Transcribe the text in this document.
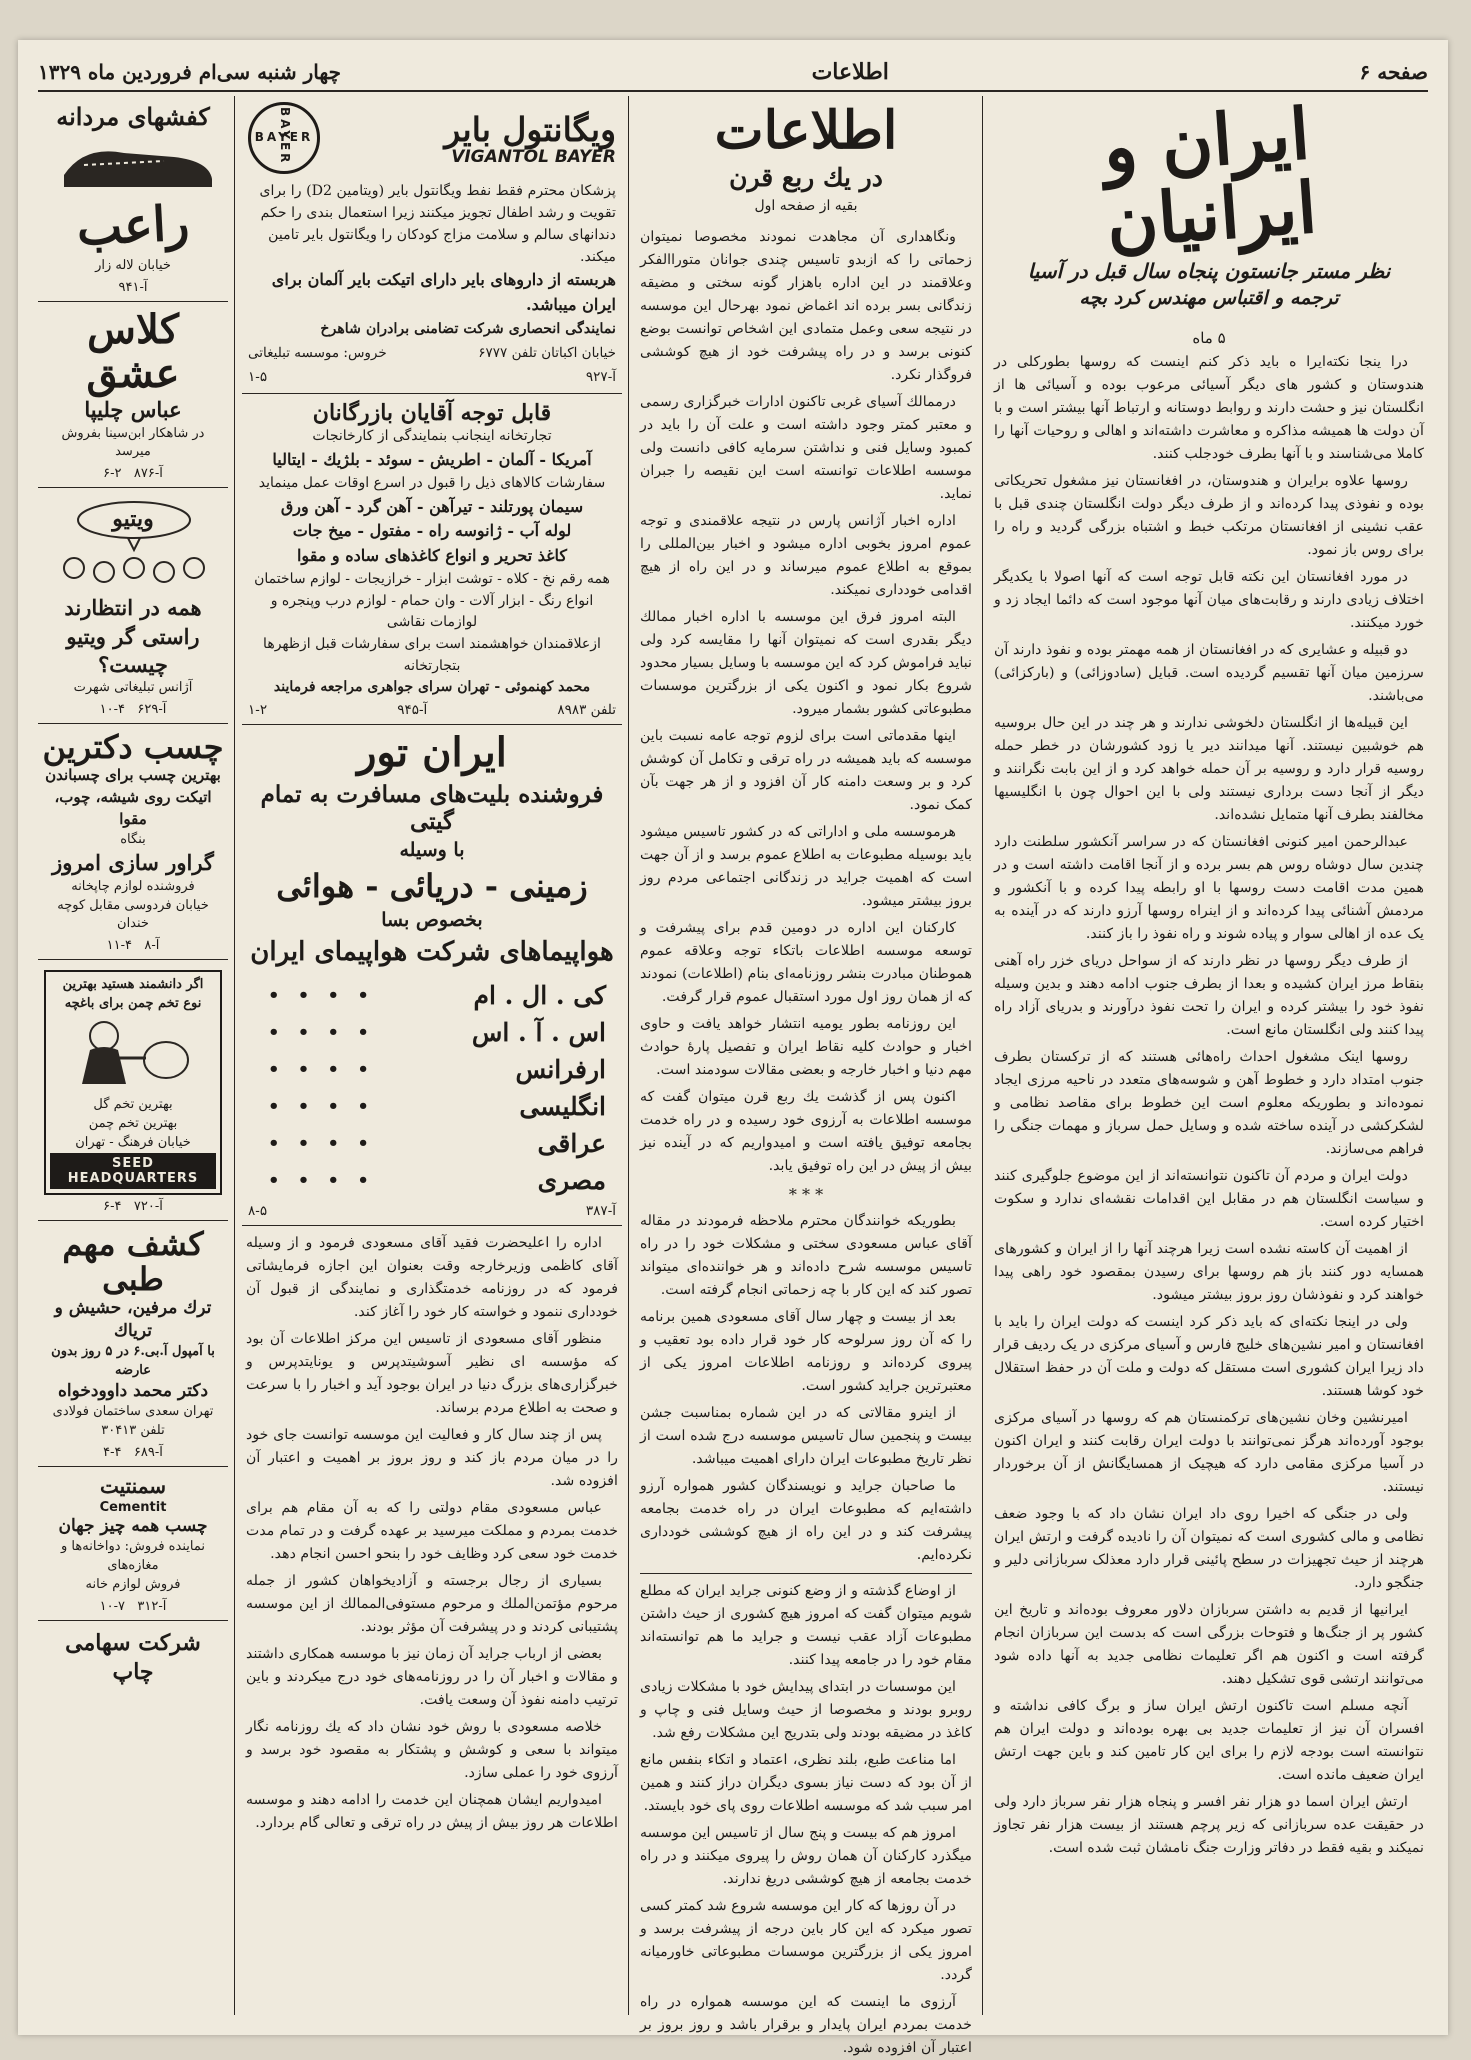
صفحه ۶
اطلاعات
چهار شنبه سی‌ام فروردین ماه ۱۳۲۹
ایران و ایرانیان
نظر مستر جانستون پنجاه سال قبل در آسیا
ترجمه و اقتباس مهندس کرد بچه
۵ ماه

درا ینجا نکته‌ایرا ه باید ذکر کنم اینست که روسها بطورکلی در هندوستان و کشور های دیگر آسیائی مرعوب بوده و آسیائی ها از انگلستان نیز و حشت دارند و روابط دوستانه و ارتباط آنها بیشتر است و با آن دولت ها همیشه مذاکره و معاشرت داشته‌اند و اهالی و روحیات آنها را کاملا می‌شناسند و با آنها بطرف خودجلب کنند.

روسها علاوه برایران و هندوستان، در افغانستان نیز مشغول تحریکاتی بوده و نفوذی پیدا کرده‌اند و از طرف دیگر دولت انگلستان چندی قبل با عقب نشینی از افغانستان مرتکب خبط و اشتباه بزرگی گردید و راه را برای روس باز نمود.

در مورد افغانستان این نکته قابل توجه است که آنها اصولا با یکدیگر اختلاف زیادی دارند و رقابت‌های میان آنها موجود است که دائما ایجاد زد و خورد میکنند.

دو قبیله و عشایری که در افغانستان از همه مهمتر بوده و نفوذ دارند آن سرزمین میان آنها تقسیم گردیده است. قبایل (سادوزائی) و (بارکزائی) می‌باشند.

این قبیله‌ها از انگلستان دلخوشی ندارند و هر چند در این حال بروسیه هم خوشبین نیستند. آنها میدانند دیر یا زود کشورشان در خطر حمله روسیه قرار دارد و روسیه بر آن حمله خواهد کرد و از این بابت نگرانند و دیگر از آنجا دست برداری نیستند ولی با این احوال چون با انگلیسیها مخالفند بطرف آنها متمایل نشده‌اند.

عبدالرحمن امیر کنونی افغانستان که در سراسر آنکشور سلطنت دارد چندین سال دوشاه روس هم بسر برده و از آنجا اقامت داشته است و در همین مدت اقامت دست روسها با او رابطه پیدا کرده و با آنکشور و مردمش آشنائی پیدا کرده‌اند و از اینراه روسها آرزو دارند که در آینده به یک عده از اهالی سوار و پیاده شوند و راه نفوذ را باز کنند.

از طرف دیگر روسها در نظر دارند که از سواحل دریای خزر راه آهنی بنقاط مرز ایران کشیده و بعدا از بطرف جنوب ادامه دهند و بدین وسیله نفوذ خود را بیشتر کرده و ایران را تحت نفوذ درآورند و بدریای آزاد راه پیدا کنند ولی انگلستان مانع است.

روسها اینک مشغول احداث راه‌هائی هستند که از ترکستان بطرف جنوب امتداد دارد و خطوط آهن و شوسه‌های متعدد در ناحیه مرزی ایجاد نموده‌اند و بطوریکه معلوم است این خطوط برای مقاصد نظامی و لشکرکشی در آینده ساخته شده و وسایل حمل سرباز و مهمات جنگی را فراهم می‌سازند.

دولت ایران و مردم آن تاکنون نتوانسته‌اند از این موضوع جلوگیری کنند و سیاست انگلستان هم در مقابل این اقدامات نقشه‌ای ندارد و سکوت اختیار کرده است.

از اهمیت آن کاسته نشده است زیرا هرچند آنها را از ایران و کشورهای همسایه دور کنند باز هم روسها برای رسیدن بمقصود خود راهی پیدا خواهند کرد و نفوذشان روز بروز بیشتر میشود.

ولی در اینجا نکته‌ای که باید ذکر کرد اینست که دولت ایران را باید با افغانستان و امیر نشین‌های خلیج فارس و آسیای مرکزی در یک ردیف قرار داد زیرا ایران کشوری است مستقل که دولت و ملت آن در حفظ استقلال خود کوشا هستند.

امیرنشین وخان نشین‌های ترکمنستان هم که روسها در آسیای مرکزی بوجود آورده‌اند هرگز نمی‌توانند با دولت ایران رقابت کنند و ایران اکنون در آسیا مرکزی مقامی دارد که هیچیک از همسایگانش از آن برخوردار نیستند.

ولی در جنگی که اخیرا روی داد ایران نشان داد که با وجود ضعف نظامی و مالی کشوری است که نمیتوان آن را نادیده گرفت و ارتش ایران هرچند از حیث تجهیزات در سطح پائینی قرار دارد معذلک سربازانی دلیر و جنگجو دارد.

ایرانیها از قدیم به داشتن سربازان دلاور معروف بوده‌اند و تاریخ این کشور پر از جنگ‌ها و فتوحات بزرگی است که بدست این سربازان انجام گرفته است و اکنون هم اگر تعلیمات نظامی جدید به آنها داده شود می‌توانند ارتشی قوی تشکیل دهند.

آنچه مسلم است تاکنون ارتش ایران ساز و برگ کافی نداشته و افسران آن نیز از تعلیمات جدید بی بهره بوده‌اند و دولت ایران هم نتوانسته است بودجه لازم را برای این کار تامین کند و باین جهت ارتش ایران ضعیف مانده است.

ارتش ایران اسما دو هزار نفر افسر و پنجاه هزار نفر سرباز دارد ولی در حقیقت عده سربازانی که زیر پرچم هستند از بیست هزار نفر تجاوز نمیکند و بقیه فقط در دفاتر وزارت جنگ نامشان ثبت شده است.

اطلاعات
در یك ربع قرن
بقیه از صفحه اول

ونگاهداری آن مجاهدت نمودند مخصوصا نمیتوان زحماتی را که ازبدو تاسیس چندی جوانان متوراالفکر وعلاقمند در این اداره باهزار گونه سختی و مضیقه زندگانی بسر برده اند اغماض نمود بهرحال این موسسه در نتیجه سعی وعمل متمادی این اشخاص توانست بوضع کنونی برسد و در راه پیشرفت خود از هیچ کوششی فروگذار نکرد.

درممالك آسیای غربی تاکنون ادارات خبرگزاری رسمی و معتبر کمتر وجود داشته است و علت آن را باید در کمبود وسایل فنی و نداشتن سرمایه کافی دانست ولی موسسه اطلاعات توانسته است این نقیصه را جبران نماید.

اداره اخبار آژانس پارس در نتیجه علاقمندی و توجه عموم امروز بخوبی اداره میشود و اخبار بین‌المللی را بموقع به اطلاع عموم میرساند و در این راه از هیچ اقدامی خودداری نمیکند.

البته امروز فرق این موسسه با اداره اخبار ممالك دیگر بقدری است که نمیتوان آنها را مقایسه کرد ولی نباید فراموش کرد که این موسسه با وسایل بسیار محدود شروع بکار نمود و اکنون یکی از بزرگترین موسسات مطبوعاتی کشور بشمار میرود.

اینها مقدماتی است برای لزوم توجه عامه نسبت باین موسسه که باید همیشه در راه ترقی و تکامل آن کوشش کرد و بر وسعت دامنه کار آن افزود و از هر جهت بآن کمک نمود.

هرموسسه ملی و اداراتی که در کشور تاسیس میشود باید بوسیله مطبوعات به اطلاع عموم برسد و از آن جهت است که اهمیت جراید در زندگانی اجتماعی مردم روز بروز بیشتر میشود.

کارکنان این اداره در دومین قدم برای پیشرفت و توسعه موسسه اطلاعات باتکاء توجه وعلاقه عموم هموطنان مبادرت بنشر روزنامه‌ای بنام (اطلاعات) نمودند که از همان روز اول مورد استقبال عموم قرار گرفت.

این روزنامه بطور یومیه انتشار خواهد یافت و حاوی اخبار و حوادث کلیه نقاط ایران و تفصیل پارهٔ حوادث مهم دنیا و اخبار خارجه و بعضی مقالات سودمند است.

اکنون پس از گذشت یك ربع قرن میتوان گفت که موسسه اطلاعات به آرزوی خود رسیده و در راه خدمت بجامعه توفیق یافته است و امیدواریم که در آینده نیز بیش از پیش در این راه توفیق یابد.

* * *

بطوریکه خوانندگان محترم ملاحظه فرمودند در مقاله آقای عباس مسعودی سختی و مشکلات خود را در راه تاسیس موسسه شرح داده‌اند و هر خواننده‌ای میتواند تصور کند که این کار با چه زحماتی انجام گرفته است.

بعد از بیست و چهار سال آقای مسعودی همین برنامه را که آن روز سرلوحه کار خود قرار داده بود تعقیب و پیروی کرده‌اند و روزنامه اطلاعات امروز یکی از معتبرترین جراید کشور است.

از اینرو مقالاتی که در این شماره بمناسبت جشن بیست و پنجمین سال تاسیس موسسه درج شده است از نظر تاریخ مطبوعات ایران دارای اهمیت میباشد.

ما صاحبان جراید و نویسندگان کشور همواره آرزو داشته‌ایم که مطبوعات ایران در راه خدمت بجامعه پیشرفت کند و در این راه از هیچ کوششی خودداری نکرده‌ایم.

از اوضاع گذشته و از وضع کنونی جراید ایران که مطلع شویم میتوان گفت که امروز هیچ کشوری از حیث داشتن مطبوعات آزاد عقب نیست و جراید ما هم توانسته‌اند مقام خود را در جامعه پیدا کنند.

این موسسات در ابتدای پیدایش خود با مشکلات زیادی روبرو بودند و مخصوصا از حیث وسایل فنی و چاپ و کاغذ در مضیقه بودند ولی بتدریج این مشکلات رفع شد.

اما مناعت طبع، بلند نظری، اعتماد و اتکاء بنفس مانع از آن بود که دست نیاز بسوی دیگران دراز کنند و همین امر سبب شد که موسسه اطلاعات روی پای خود بایستد.

امروز هم که بیست و پنج سال از تاسیس این موسسه میگذرد کارکنان آن همان روش را پیروی میکنند و در راه خدمت بجامعه از هیچ کوششی دریغ ندارند.

در آن روزها که کار این موسسه شروع شد کمتر کسی تصور میکرد که این کار باین درجه از پیشرفت برسد و امروز یکی از بزرگترین موسسات مطبوعاتی خاورمیانه گردد.

آرزوی ما اینست که این موسسه همواره در راه خدمت بمردم ایران پایدار و برقرار باشد و روز بروز بر اعتبار آن افزوده شود.

ویگانتول بایر
VIGANTOL BAYER
BAYER
BAYER
پزشکان محترم فقط نفط ویگانتول بایر (ویتامین D2) را برای تقویت و رشد اطفال تجویز میکنند زیرا استعمال بندی را حکم دندانهای سالم و سلامت مزاج کودکان را ویگانتول بایر تامین میکند.
هربسته از داروهای بایر دارای اتیکت بایر آلمان برای ایران میباشد.
نمایندگی انحصاری شرکت تضامنی برادران شاهرخ
خیابان اکباتان تلفن ۶۷۷۷
خروس: موسسه تبلیغاتی
آ-۹۲۷
۱-۵
قابل توجه آقایان بازرگانان
تجارتخانه اینجانب بنمایندگی از کارخانجات
آمریکا - آلمان - اطریش - سوئد - بلژیك - ایتالیا
سفارشات کالاهای ذیل را قبول در اسرع اوقات عمل مینماید
سیمان پورتلند - تیرآهن - آهن گرد - آهن ورق
لوله آب - ژانوسه راه - مفتول - میخ جات
کاغذ تحریر و انواع کاغذهای ساده و مقوا
همه رقم نخ - کلاه - توشت ابزار - خرازیجات - لوازم ساختمان
انواع رنگ - ابزار آلات - وان حمام - لوازم درب وپنجره و لوازمات نقاشی
ازعلاقمندان خواهشمند است برای سفارشات قبل ازظهرها بتجارتخانه
محمد کهنموئی - تهران سرای جواهری مراجعه فرمایند
تلفن ۸۹۸۳
آ-۹۴۵
۱-۲
ایران تور
فروشنده بلیت‌های مسافرت به تمام گیتی
با وسیله
زمینی - دریائی - هوائی
بخصوص بسا
هواپیماهای شرکت هواپیمای ایران
کی . ال . ام
• • • •
اس . آ . اس
• • • •
ارفرانس
• • • •
انگلیسی
• • • •
عراقی
• • • •
مصری
• • • •
آ-۳۸۷
۸-۵

اداره را اعلیحضرت فقید آقای مسعودی فرمود و از وسیله آقای کاظمی وزیرخارجه وقت بعنوان این اجازه فرمایشاتی فرمود که در روزنامه خدمتگذاری و نمایندگی از قبول آن خودداری ننمود و خواسته کار خود را آغاز کند.

منظور آقای مسعودی از تاسیس این مرکز اطلاعات آن بود که مؤسسه ای نظیر آسوشیتدپرس و یونایتدپرس و خبرگزاری‌های بزرگ دنیا در ایران بوجود آید و اخبار را با سرعت و صحت به اطلاع مردم برساند.

پس از چند سال کار و فعالیت این موسسه توانست جای خود را در میان مردم باز کند و روز بروز بر اهمیت و اعتبار آن افزوده شد.

عباس مسعودی مقام دولتی را که به آن مقام هم برای خدمت بمردم و مملکت میرسید بر عهده گرفت و در تمام مدت خدمت خود سعی کرد وظایف خود را بنحو احسن انجام دهد.

بسیاری از رجال برجسته و آزادیخواهان کشور از جمله مرحوم مؤتمن‌الملك و مرحوم مستوفی‌الممالك از این موسسه پشتیبانی کردند و در پیشرفت آن مؤثر بودند.

بعضی از ارباب جراید آن زمان نیز با موسسه همکاری داشتند و مقالات و اخبار آن را در روزنامه‌های خود درج میکردند و باین ترتیب دامنه نفوذ آن وسعت یافت.

خلاصه مسعودی با روش خود نشان داد که یك روزنامه نگار میتواند با سعی و کوشش و پشتکار به مقصود خود برسد و آرزوی خود را عملی سازد.

امیدواریم ایشان همچنان این خدمت را ادامه دهند و موسسه اطلاعات هر روز بیش از پیش در راه ترقی و تعالی گام بردارد.

کفشهای مردانه
راعب
خیابان لاله زار
آ-۹۴۱
کلاس عشق
عباس چلیپا
در شاهکار ابن‌سینا بفروش میرسد
آ-۸۷۶   ۲-۶
ویتیو
همه در انتظارند
راستی گر ویتیو چیست؟
آژانس تبلیغاتی شهرت
آ-۶۲۹   ۴-۱۰
چسب دکترین
بهترین چسب برای چسباندن
اتیکت روی شیشه، چوب، مقوا
بنگاه
گراور سازی امروز
فروشنده لوازم چاپخانه
خیابان فردوسی مقابل کوچه خندان
آ-۸   ۴-۱۱
اگر دانشمند هستید بهترین
نوع تخم چمن برای باغچه
بهترین تخم گل
بهترین تخم چمن
خیابان فرهنگ - تهران
SEED HEADQUARTERS
آ-۷۲۰   ۴-۶
کشف مهم طبی
ترك مرفين، حشیش و تریاك
با آمپول آ.بی.۶ در ۵ روز بدون عارضه
دکتر محمد داوودخواه
تهران سعدی ساختمان فولادی
تلفن ۳۰۴۱۳
آ-۶۸۹   ۴-۴
سمنتیت
Cementit
چسب همه چیز جهان
نماینده فروش: دواخانه‌ها و مغازه‌های
فروش لوازم خانه
آ-۳۱۲   ۷-۱۰
شرکت سهامی چاپ
